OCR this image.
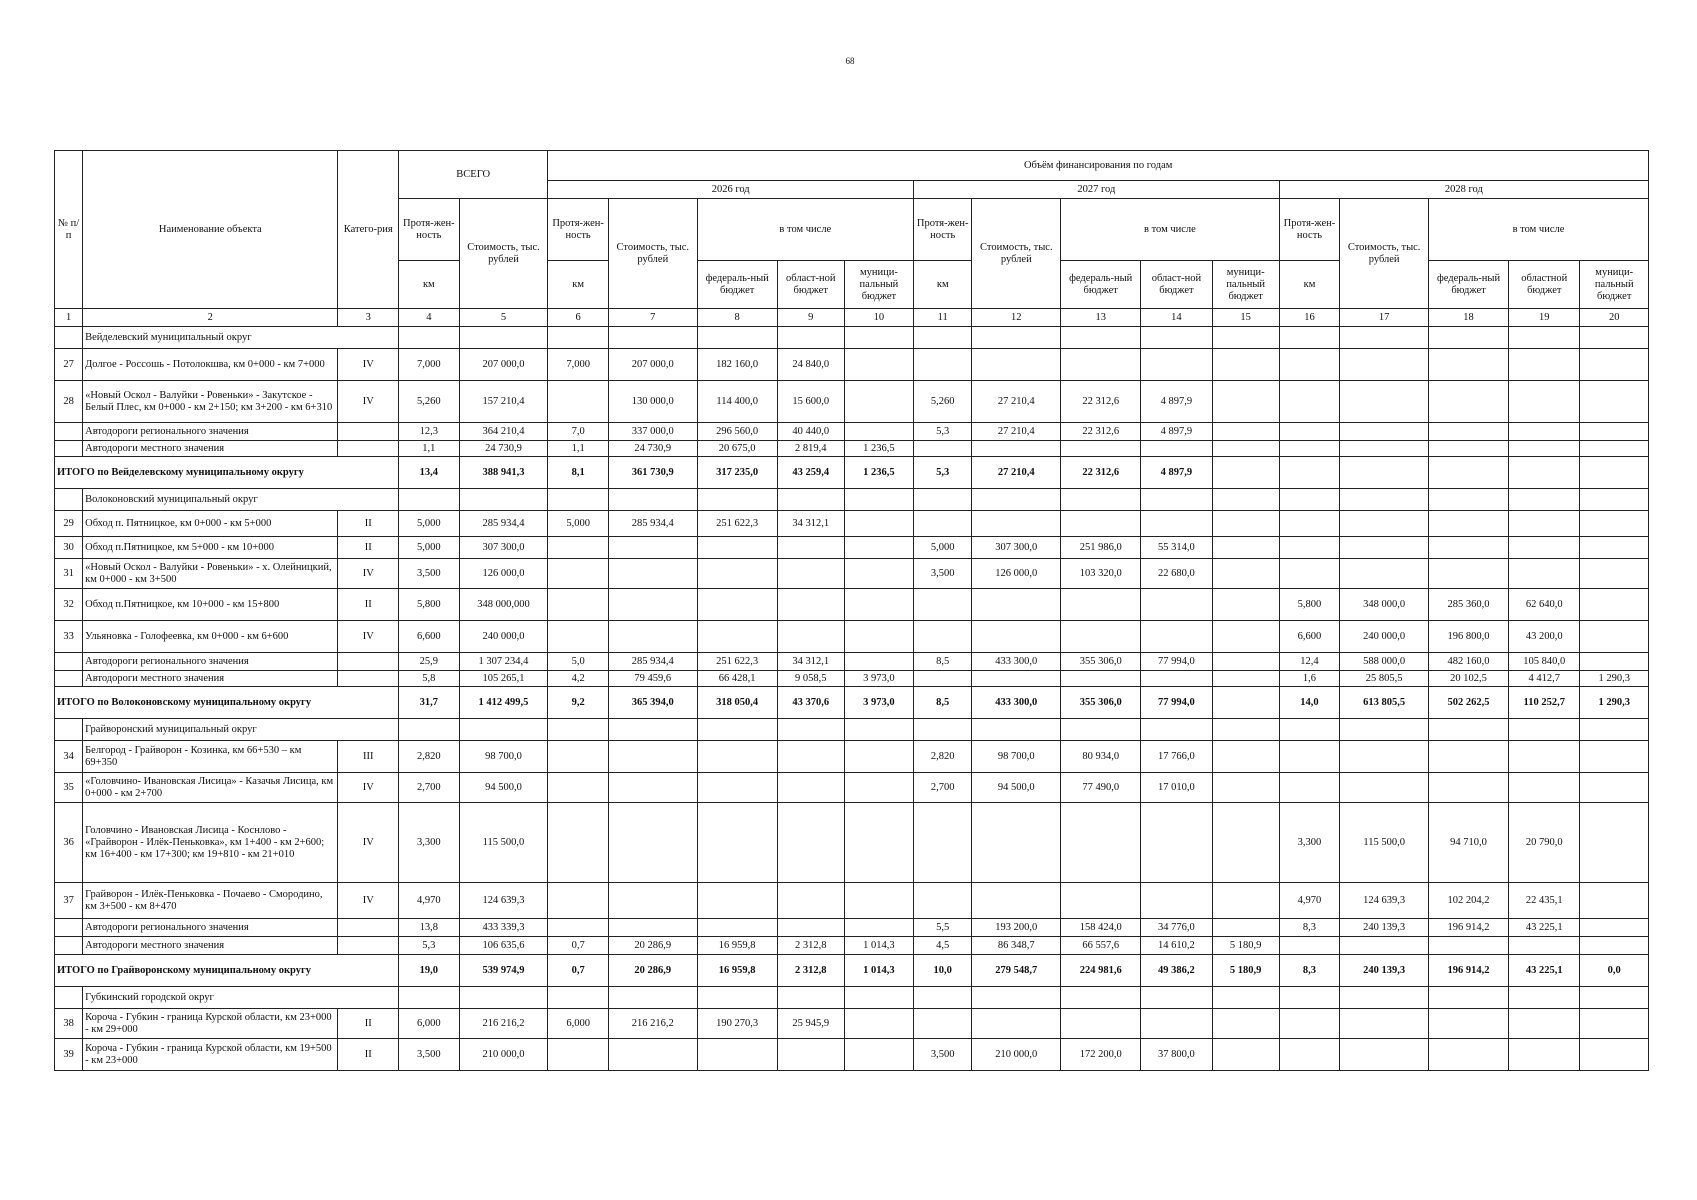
68
№ п/п	Наименование объекта	Катего-рия	ВСЕГО		Объём финансирования по годам														
					2026 год					2027 год					2028 год				
			Протя-жен-ность	Стоимость, тыс. рублей	Протя-жен-ность	Стоимость, тыс. рублей	в том числе			Протя-жен-ность	Стоимость, тыс. рублей	в том числе			Протя-жен-ность	Стоимость, тыс. рублей	в том числе		
			км		км		федераль-ный бюджет	област-ной бюджет	муници-пальный бюджет	км		федераль-ный бюджет	област-ной бюджет	муници-пальный бюджет	км		федераль-ный бюджет	областной бюджет	муници-пальный бюджет
1	2	3	4	5	6	7	8	9	10	11	12	13	14	15	16	17	18	19	20
	Вейделевский муниципальный округ																		
27	Долгое - Россошь - Потолокшва, км 0+000 - км 7+000	IV	7,000	207 000,0	7,000	207 000,0	182 160,0	24 840,0											
28	«Новый Оскол - Валуйки - Ровеньки» - Закутское - Белый Плес, км 0+000 - км 2+150; км 3+200 - км 6+310	IV	5,260	157 210,4		130 000,0	114 400,0	15 600,0		5,260	27 210,4	22 312,6	4 897,9						
	Автодороги регионального значения		12,3	364 210,4	7,0	337 000,0	296 560,0	40 440,0		5,3	27 210,4	22 312,6	4 897,9						
	Автодороги местного значения		1,1	24 730,9	1,1	24 730,9	20 675,0	2 819,4	1 236,5										
ИТОГО по Вейделевскому муниципальному округу			13,4	388 941,3	8,1	361 730,9	317 235,0	43 259,4	1 236,5	5,3	27 210,4	22 312,6	4 897,9						
	Волоконовский муниципальный округ																		
29	Обход п. Пятницкое, км 0+000 - км 5+000	II	5,000	285 934,4	5,000	285 934,4	251 622,3	34 312,1											
30	Обход п.Пятницкое, км 5+000 - км 10+000	II	5,000	307 300,0						5,000	307 300,0	251 986,0	55 314,0						
31	«Новый Оскол - Валуйки - Ровеньки» - х. Олейницкий, км 0+000 - км 3+500	IV	3,500	126 000,0						3,500	126 000,0	103 320,0	22 680,0						
32	Обход п.Пятницкое, км 10+000 - км 15+800	II	5,800	348 000,000											5,800	348 000,0	285 360,0	62 640,0	
33	Ульяновка - Голофеевка, км 0+000 - км 6+600	IV	6,600	240 000,0											6,600	240 000,0	196 800,0	43 200,0	
	Автодороги регионального значения		25,9	1 307 234,4	5,0	285 934,4	251 622,3	34 312,1		8,5	433 300,0	355 306,0	77 994,0		12,4	588 000,0	482 160,0	105 840,0	
	Автодороги местного значения		5,8	105 265,1	4,2	79 459,6	66 428,1	9 058,5	3 973,0						1,6	25 805,5	20 102,5	4 412,7	1 290,3
ИТОГО по Волоконовскому муниципальному округу			31,7	1 412 499,5	9,2	365 394,0	318 050,4	43 370,6	3 973,0	8,5	433 300,0	355 306,0	77 994,0		14,0	613 805,5	502 262,5	110 252,7	1 290,3
	Грайворонский муниципальный округ																		
34	Белгород - Грайворон - Козинка, км 66+530 – км 69+350	III	2,820	98 700,0						2,820	98 700,0	80 934,0	17 766,0						
35	«Головчино- Ивановская Лисица» - Казачья Лисица, км 0+000 - км 2+700	IV	2,700	94 500,0						2,700	94 500,0	77 490,0	17 010,0						
36	Головчино - Ивановская Лисица - Коснлово - «Грайворон - Илёк-Пеньковка», км 1+400 - км 2+600; км 16+400 - км 17+300; км 19+810 - км 21+010	IV	3,300	115 500,0											3,300	115 500,0	94 710,0	20 790,0	
37	Грайворон - Илёк-Пеньковка - Почаево - Смородино, км 3+500 - км 8+470	IV	4,970	124 639,3											4,970	124 639,3	102 204,2	22 435,1	
	Автодороги регионального значения		13,8	433 339,3						5,5	193 200,0	158 424,0	34 776,0		8,3	240 139,3	196 914,2	43 225,1	
	Автодороги местного значения		5,3	106 635,6	0,7	20 286,9	16 959,8	2 312,8	1 014,3	4,5	86 348,7	66 557,6	14 610,2	5 180,9					
ИТОГО по Грайворонскому муниципальному округу			19,0	539 974,9	0,7	20 286,9	16 959,8	2 312,8	1 014,3	10,0	279 548,7	224 981,6	49 386,2	5 180,9	8,3	240 139,3	196 914,2	43 225,1	0,0
	Губкинский городской округ																		
38	Короча - Губкин - граница Курской области, км 23+000 - км 29+000	II	6,000	216 216,2	6,000	216 216,2	190 270,3	25 945,9											
39	Короча - Губкин - граница Курской области, км 19+500 - км 23+000	II	3,500	210 000,0						3,500	210 000,0	172 200,0	37 800,0						
